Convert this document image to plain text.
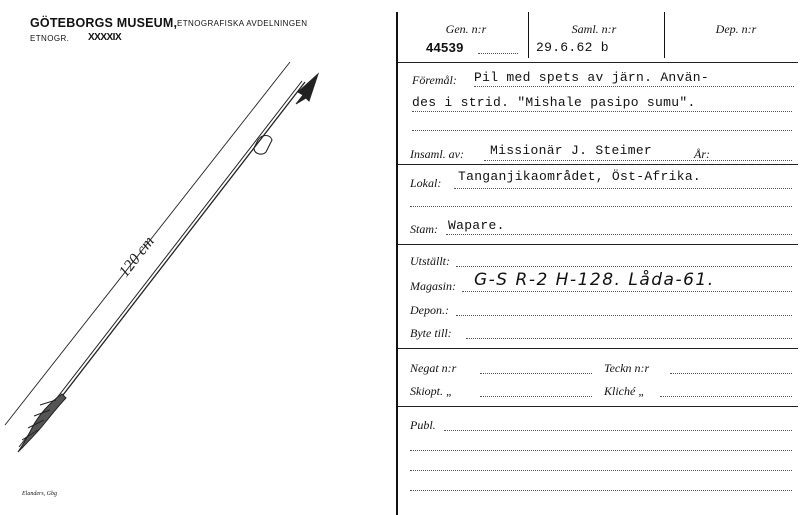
GÖTEBORGS MUSEUM, ETNOGRAFISKA AVDELNINGEN
ETNOGR. XXXXIX
120 cm
Elanders, Gbg
Gen. n:r	Saml. n:r	Dep. n:r
44539	29.6.62 b
Föremål: Pil med spets av järn. Använ-
des i strid. "Mishale pasipo sumu".
Insaml. av: Missionär J. Steimer	År:
Lokal: Tanganjikaområdet, Öst-Afrika.
Stam: Wapare.
Utställt:
Magasin: G-S R-2 H-128. Låda-61.
Depon.:
Byte till:
Negat n:r	Teckn n:r
Skiopt. „	Kliché „
Publ.
